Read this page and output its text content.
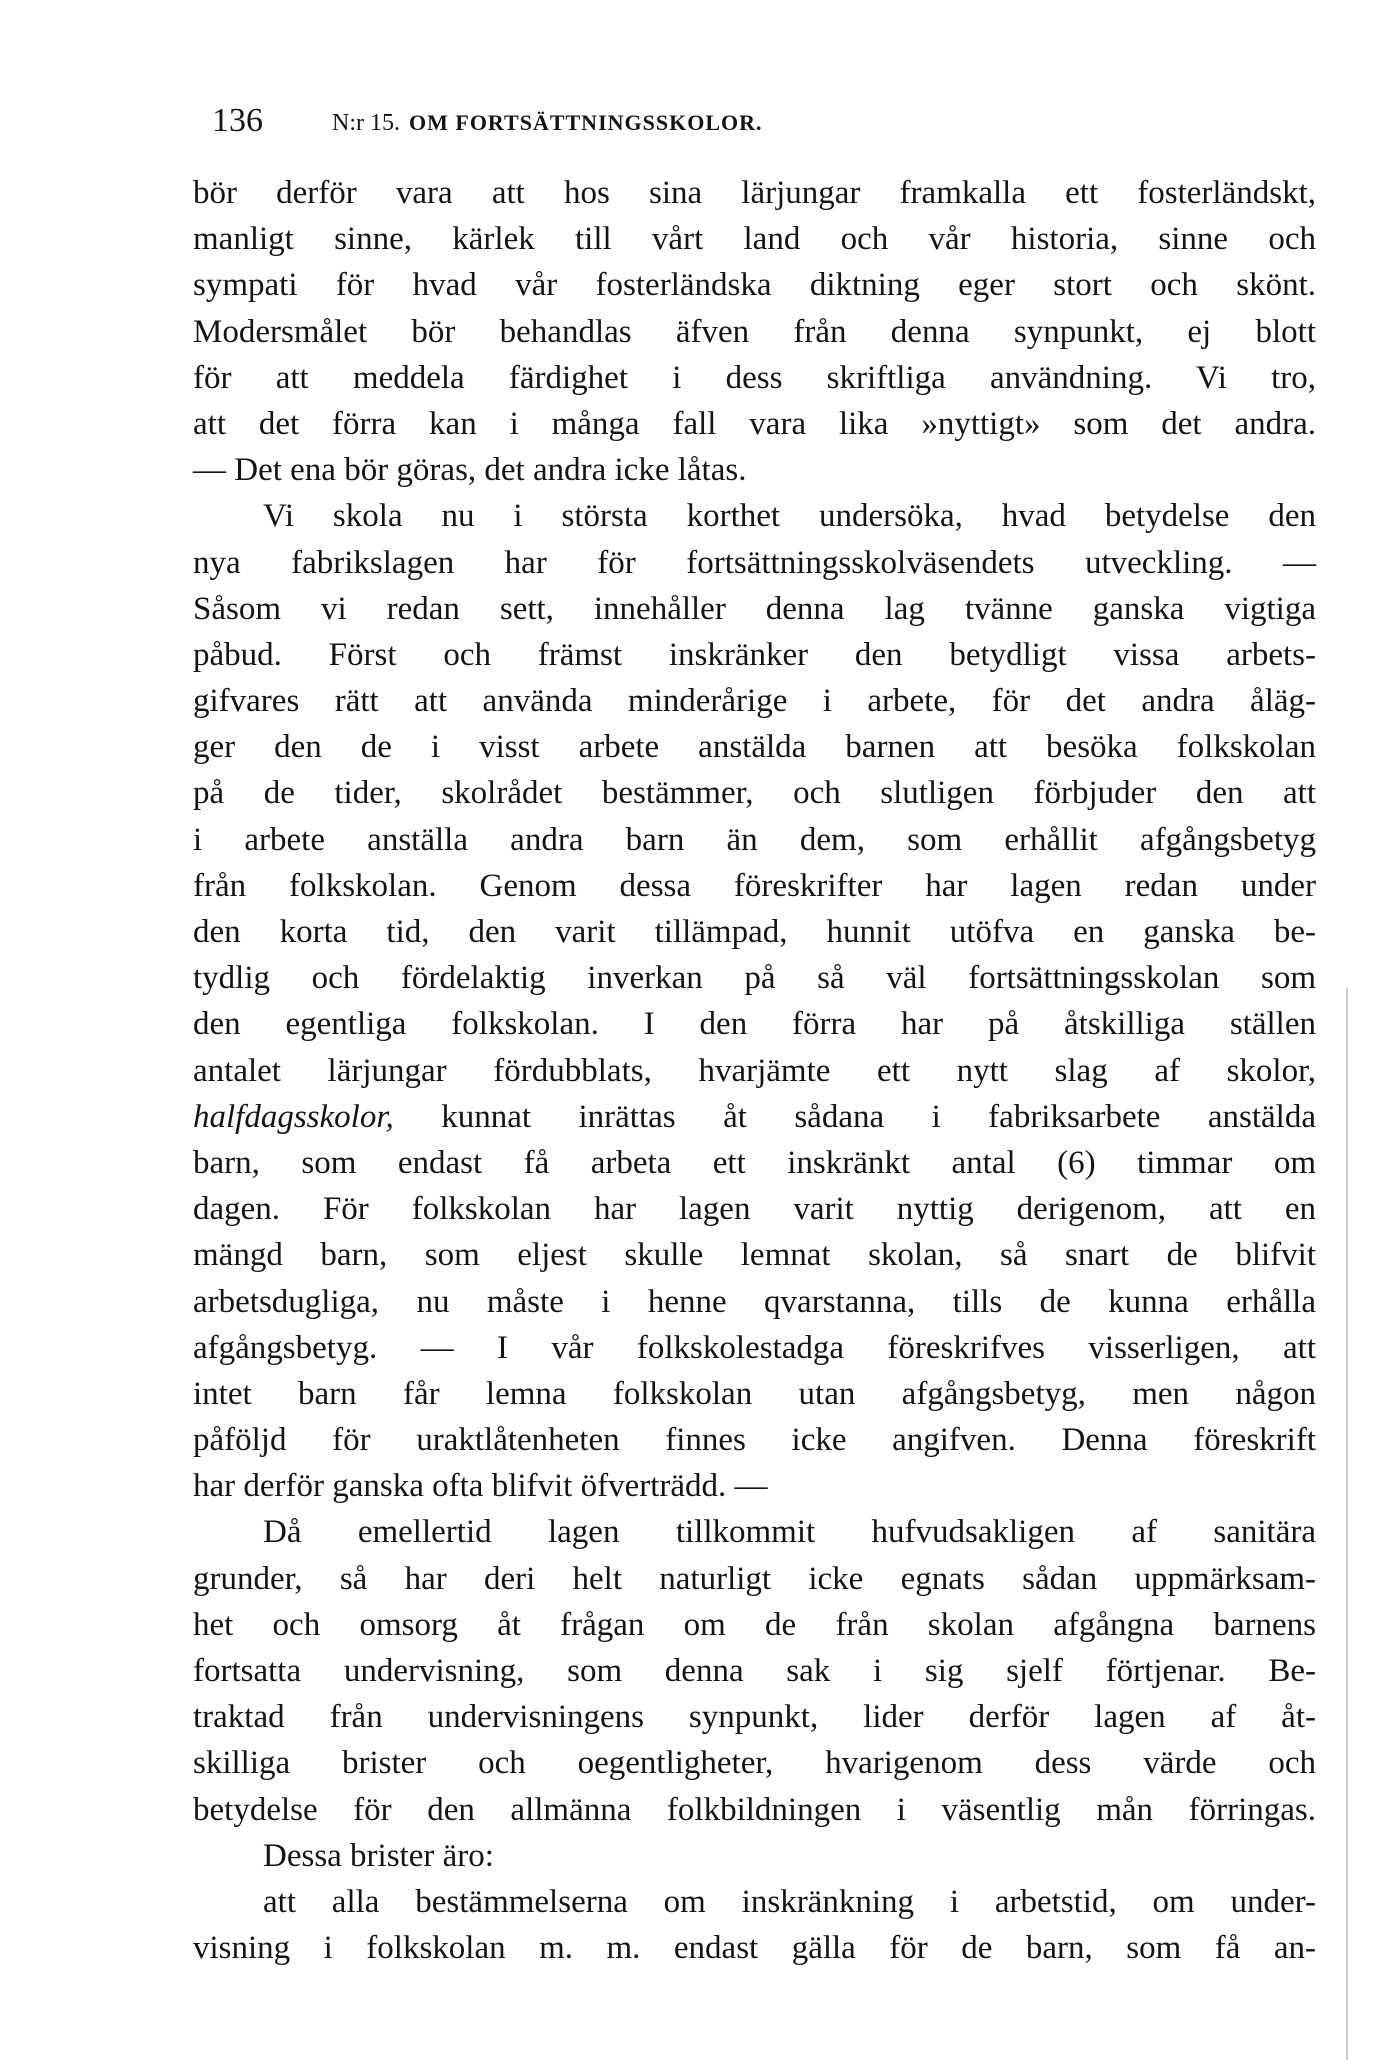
136	N:r 15. OM FORTSÄTTNINGSSKOLOR.
bör derför vara att hos sina lärjungar framkalla ett fosterländskt,
manligt sinne, kärlek till vårt land och vår historia, sinne och
sympati för hvad vår fosterländska diktning eger stort och skönt.
Modersmålet bör behandlas äfven från denna synpunkt, ej blott
för att meddela färdighet i dess skriftliga användning. Vi tro,
att det förra kan i många fall vara lika »nyttigt» som det andra.
— Det ena bör göras, det andra icke låtas.
Vi skola nu i största korthet undersöka, hvad betydelse den
nya fabrikslagen har för fortsättningsskolväsendets utveckling. —
Såsom vi redan sett, innehåller denna lag tvänne ganska vigtiga
påbud. Först och främst inskränker den betydligt vissa arbets-
gifvares rätt att använda minderårige i arbete, för det andra åläg-
ger den de i visst arbete anstälda barnen att besöka folkskolan
på de tider, skolrådet bestämmer, och slutligen förbjuder den att
i arbete anställa andra barn än dem, som erhållit afgångsbetyg
från folkskolan. Genom dessa föreskrifter har lagen redan under
den korta tid, den varit tillämpad, hunnit utöfva en ganska be-
tydlig och fördelaktig inverkan på så väl fortsättningsskolan som
den egentliga folkskolan. I den förra har på åtskilliga ställen
antalet lärjungar fördubblats, hvarjämte ett nytt slag af skolor,
halfdagsskolor, kunnat inrättas åt sådana i fabriksarbete anstälda
barn, som endast få arbeta ett inskränkt antal (6) timmar om
dagen. För folkskolan har lagen varit nyttig derigenom, att en
mängd barn, som eljest skulle lemnat skolan, så snart de blifvit
arbetsdugliga, nu måste i henne qvarstanna, tills de kunna erhålla
afgångsbetyg. — I vår folkskolestadga föreskrifves visserligen, att
intet barn får lemna folkskolan utan afgångsbetyg, men någon
påföljd för uraktlåtenheten finnes icke angifven. Denna föreskrift
har derför ganska ofta blifvit öfverträdd. —
Då emellertid lagen tillkommit hufvudsakligen af sanitära
grunder, så har deri helt naturligt icke egnats sådan uppmärksam-
het och omsorg åt frågan om de från skolan afgångna barnens
fortsatta undervisning, som denna sak i sig sjelf förtjenar. Be-
traktad från undervisningens synpunkt, lider derför lagen af åt-
skilliga brister och oegentligheter, hvarigenom dess värde och
betydelse för den allmänna folkbildningen i väsentlig mån förringas.
Dessa brister äro:
att alla bestämmelserna om inskränkning i arbetstid, om under-
visning i folkskolan m. m. endast gälla för de barn, som få an-
